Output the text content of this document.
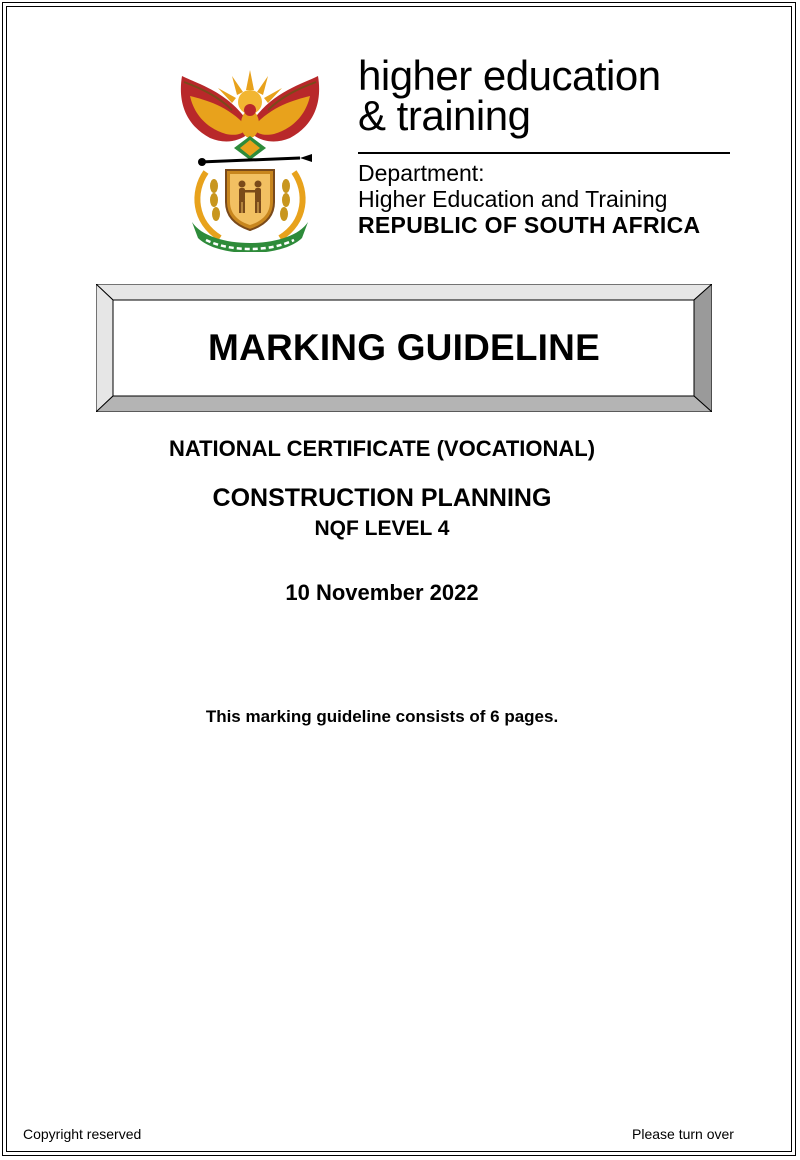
higher education
& training
Department:
Higher Education and Training
REPUBLIC OF SOUTH AFRICA
MARKING GUIDELINE
NATIONAL CERTIFICATE (VOCATIONAL)
CONSTRUCTION PLANNING
NQF LEVEL 4
10 November 2022
This marking guideline consists of 6 pages.
Copyright reserved	Please turn over
